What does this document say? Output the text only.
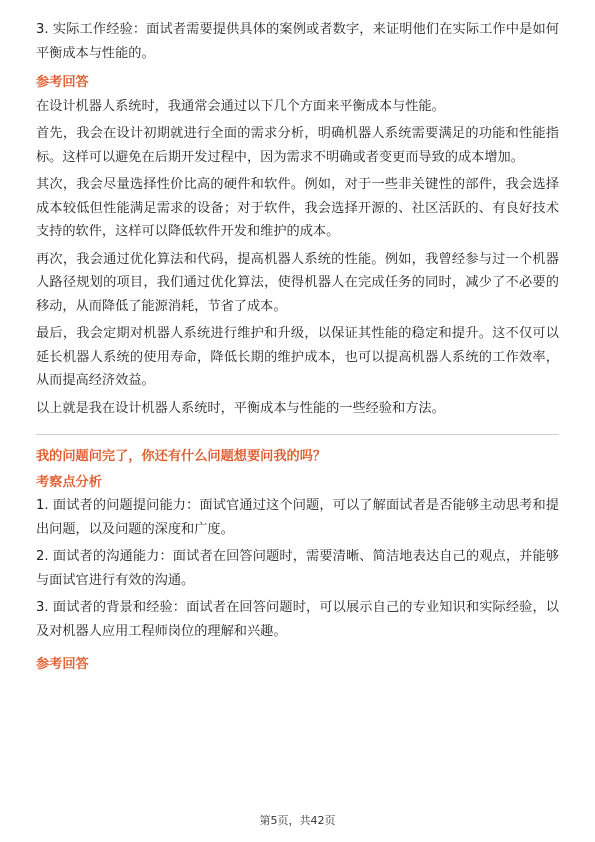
3. 实际工作经验：面试者需要提供具体的案例或者数字，来证明他们在实际工作中是如何平衡成本与性能的。

参考回答

在设计机器人系统时，我通常会通过以下几个方面来平衡成本与性能。

首先，我会在设计初期就进行全面的需求分析，明确机器人系统需要满足的功能和性能指标。这样可以避免在后期开发过程中，因为需求不明确或者变更而导致的成本增加。

其次，我会尽量选择性价比高的硬件和软件。例如，对于一些非关键性的部件，我会选择成本较低但性能满足需求的设备；对于软件，我会选择开源的、社区活跃的、有良好技术支持的软件，这样可以降低软件开发和维护的成本。

再次，我会通过优化算法和代码，提高机器人系统的性能。例如，我曾经参与过一个机器人路径规划的项目，我们通过优化算法，使得机器人在完成任务的同时，减少了不必要的移动，从而降低了能源消耗，节省了成本。

最后，我会定期对机器人系统进行维护和升级，以保证其性能的稳定和提升。这不仅可以延长机器人系统的使用寿命，降低长期的维护成本，也可以提高机器人系统的工作效率，从而提高经济效益。

以上就是我在设计机器人系统时，平衡成本与性能的一些经验和方法。

我的问题问完了，你还有什么问题想要问我的吗？
考察点分析

1. 面试者的问题提问能力：面试官通过这个问题，可以了解面试者是否能够主动思考和提出问题，以及问题的深度和广度。

2. 面试者的沟通能力：面试者在回答问题时，需要清晰、简洁地表达自己的观点，并能够与面试官进行有效的沟通。

3. 面试者的背景和经验：面试者在回答问题时，可以展示自己的专业知识和实际经验，以及对机器人应用工程师岗位的理解和兴趣。

参考回答
第5页，共42页
